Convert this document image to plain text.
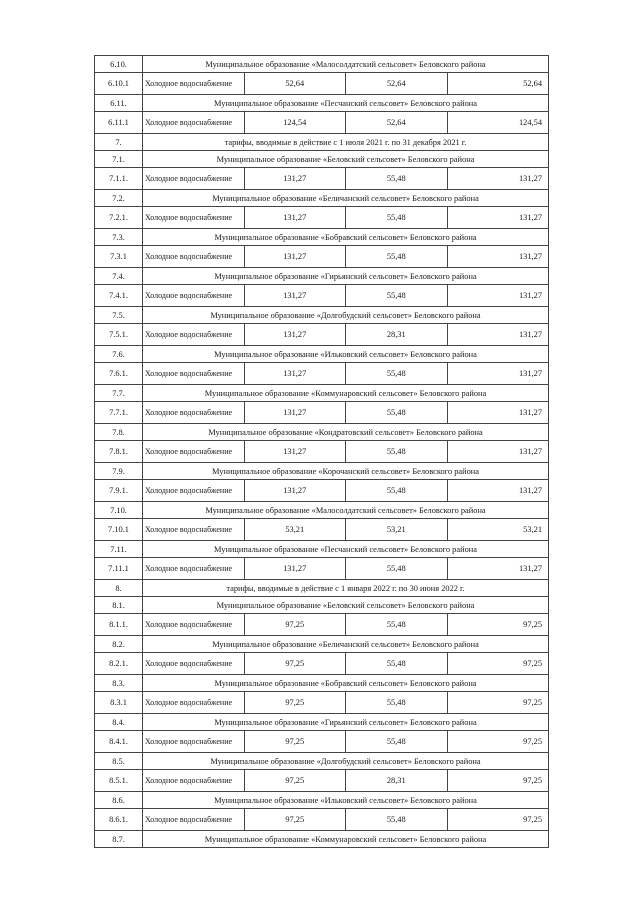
6.10.	Муниципальное образование «Малосолдатский сельсовет» Беловского района			
6.10.1	Холодное водоснабжение	52,64	52,64	52,64
6.11.	Муниципальное образование «Песчанский сельсовет» Беловского района			
6.11.1	Холодное водоснабжение	124,54	52,64	124,54
7.	тарифы, вводимые в действие с 1 июля 2021 г. по 31 декабря 2021 г.			
7.1.	Муниципальное образование «Беловский сельсовет» Беловского района			
7.1.1.	Холодное водоснабжение	131,27	55,48	131,27
7.2.	Муниципальное образование «Беличанский сельсовет» Беловского района			
7.2.1.	Холодное водоснабжение	131,27	55,48	131,27
7.3.	Муниципальное образование «Бобравский сельсовет» Беловского района			
7.3.1	Холодное водоснабжение	131,27	55,48	131,27
7.4.	Муниципальное образование «Гирьянский сельсовет» Беловского района			
7.4.1.	Холодное водоснабжение	131,27	55,48	131,27
7.5.	Муниципальное образование «Долгобудский сельсовет» Беловского района			
7.5.1.	Холодное водоснабжение	131,27	28,31	131,27
7.6.	Муниципальное образование «Ильковский сельсовет» Беловского района			
7.6.1.	Холодное водоснабжение	131,27	55,48	131,27
7.7.	Муниципальное образование «Коммунаровский сельсовет» Беловского района			
7.7.1.	Холодное водоснабжение	131,27	55,48	131,27
7.8.	Муниципальное образование «Кондратовский сельсовет» Беловского района			
7.8.1.	Холодное водоснабжение	131,27	55,48	131,27
7.9.	Муниципальное образование «Корочанский сельсовет» Беловского района			
7.9.1.	Холодное водоснабжение	131,27	55,48	131,27
7.10.	Муниципальное образование «Малосолдатский сельсовет» Беловского района			
7.10.1	Холодное водоснабжение	53,21	53,21	53,21
7.11.	Муниципальное образование «Песчанский сельсовет» Беловского района			
7.11.1	Холодное водоснабжение	131,27	55,48	131,27
8.	тарифы, вводимые в действие с 1 января 2022 г. по 30 июня 2022 г.			
8.1.	Муниципальное образование «Беловский сельсовет» Беловского района			
8.1.1.	Холодное водоснабжение	97,25	55,48	97,25
8.2.	Муниципальное образование «Беличанский сельсовет» Беловского района			
8.2.1.	Холодное водоснабжение	97,25	55,48	97,25
8.3.	Муниципальное образование «Бобравский сельсовет» Беловского района			
8.3.1	Холодное водоснабжение	97,25	55,48	97,25
8.4.	Муниципальное образование «Гирьянский сельсовет» Беловского района			
8.4.1.	Холодное водоснабжение	97,25	55,48	97,25
8.5.	Муниципальное образование «Долгобудский сельсовет» Беловского района			
8.5.1.	Холодное водоснабжение	97,25	28,31	97,25
8.6.	Муниципальное образование «Ильковский сельсовет» Беловского района			
8.6.1.	Холодное водоснабжение	97,25	55,48	97,25
8.7.	Муниципальное образование «Коммунаровский сельсовет» Беловского района			
